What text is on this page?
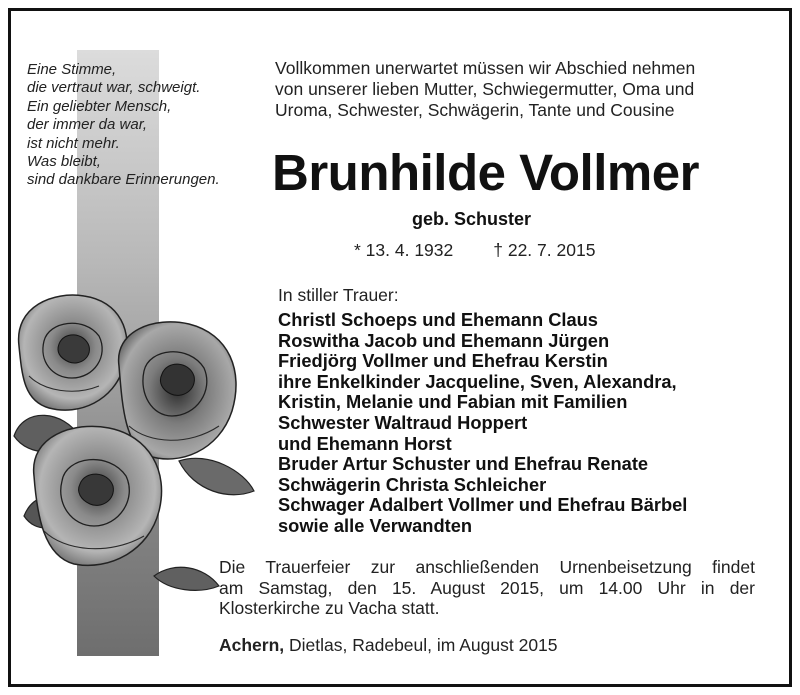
Eine Stimme,
die vertraut war, schweigt.
Ein geliebter Mensch,
der immer da war,
ist nicht mehr.
Was bleibt,
sind dankbare Erinnerungen.
Vollkommen unerwartet müssen wir Abschied nehmen
von unserer lieben Mutter, Schwiegermutter, Oma und
Uroma, Schwester, Schwägerin, Tante und Cousine
Brunhilde Vollmer
geb. Schuster
* 13. 4. 1932 † 22. 7. 2015
In stiller Trauer:
Christl Schoeps und Ehemann Claus
Roswitha Jacob und Ehemann Jürgen
Friedjörg Vollmer und Ehefrau Kerstin
ihre Enkelkinder Jacqueline, Sven, Alexandra,
Kristin, Melanie und Fabian mit Familien
Schwester Waltraud Hoppert
und Ehemann Horst
Bruder Artur Schuster und Ehefrau Renate
Schwägerin Christa Schleicher
Schwager Adalbert Vollmer und Ehefrau Bärbel
sowie alle Verwandten
Die Trauerfeier zur anschließenden Urnenbeisetzung findet
am Samstag, den 15. August 2015, um 14.00 Uhr in der
Klosterkirche zu Vacha statt.
Achern, Dietlas, Radebeul, im August 2015
